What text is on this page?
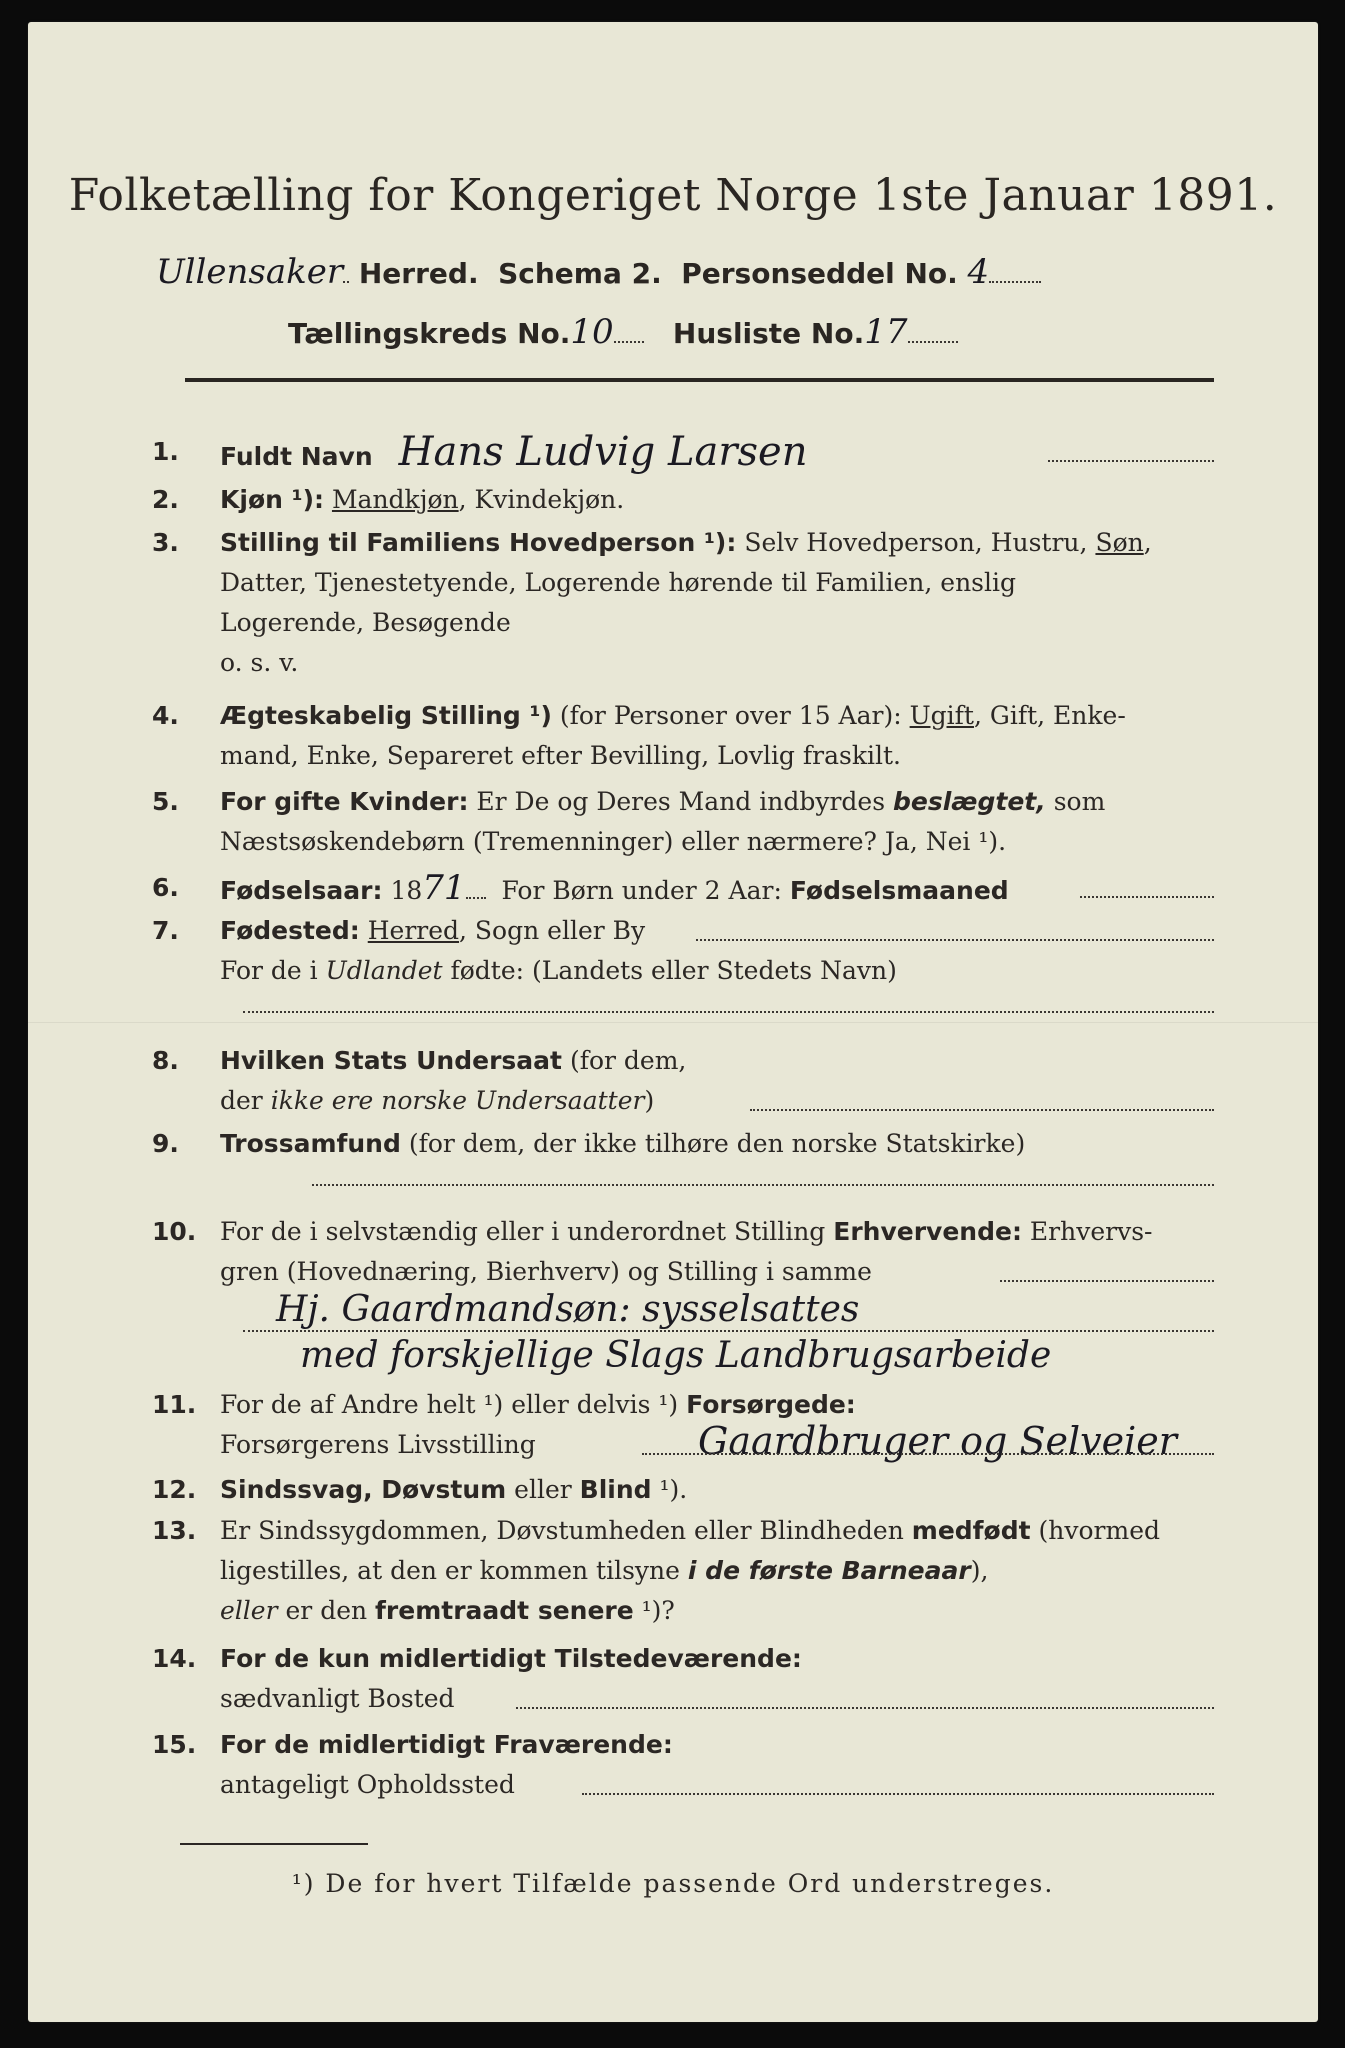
Folketælling for Kongeriget Norge 1ste Januar 1891.
Ullensaker Herred. Schema 2. Personseddel No. 4
Tællingskreds No.10 Husliste No.17
1. Fuldt Navn Hans Ludvig Larsen
2. Kjøn ¹): Mandkjøn, Kvindekjøn.
3. Stilling til Familiens Hovedperson ¹): Selv Hovedperson, Hustru, Søn,
Datter, Tjenestetyende, Logerende hørende til Familien, enslig
Logerende, Besøgende
o. s. v.
4. Ægteskabelig Stilling ¹) (for Personer over 15 Aar): Ugift, Gift, Enke-
mand, Enke, Separeret efter Bevilling, Lovlig fraskilt.
5. For gifte Kvinder: Er De og Deres Mand indbyrdes beslægtet, som
Næstsøskendebørn (Tremenninger) eller nærmere? Ja, Nei ¹).
6. Fødselsaar: 1871 For Børn under 2 Aar: Fødselsmaaned
7. Fødested: Herred, Sogn eller By
For de i Udlandet fødte: (Landets eller Stedets Navn)
8. Hvilken Stats Undersaat (for dem,
der ikke ere norske Undersaatter)
9. Trossamfund (for dem, der ikke tilhøre den norske Statskirke)
10. For de i selvstændig eller i underordnet Stilling Erhvervende: Erhvervs-
gren (Hovednæring, Bierhverv) og Stilling i samme
Hj. Gaardmandsøn: sysselsattes
med forskjellige Slags Landbrugsarbeide
11. For de af Andre helt ¹) eller delvis ¹) Forsørgede:
Forsørgerens Livsstilling	Gaardbruger og Selveier
12. Sindssvag, Døvstum eller Blind ¹).
13. Er Sindssygdommen, Døvstumheden eller Blindheden medfødt (hvormed
ligestilles, at den er kommen tilsyne i de første Barneaar),
eller er den fremtraadt senere ¹)?
14. For de kun midlertidigt Tilstedeværende:
sædvanligt Bosted
15. For de midlertidigt Fraværende:
antageligt Opholdssted
¹) De for hvert Tilfælde passende Ord understreges.
